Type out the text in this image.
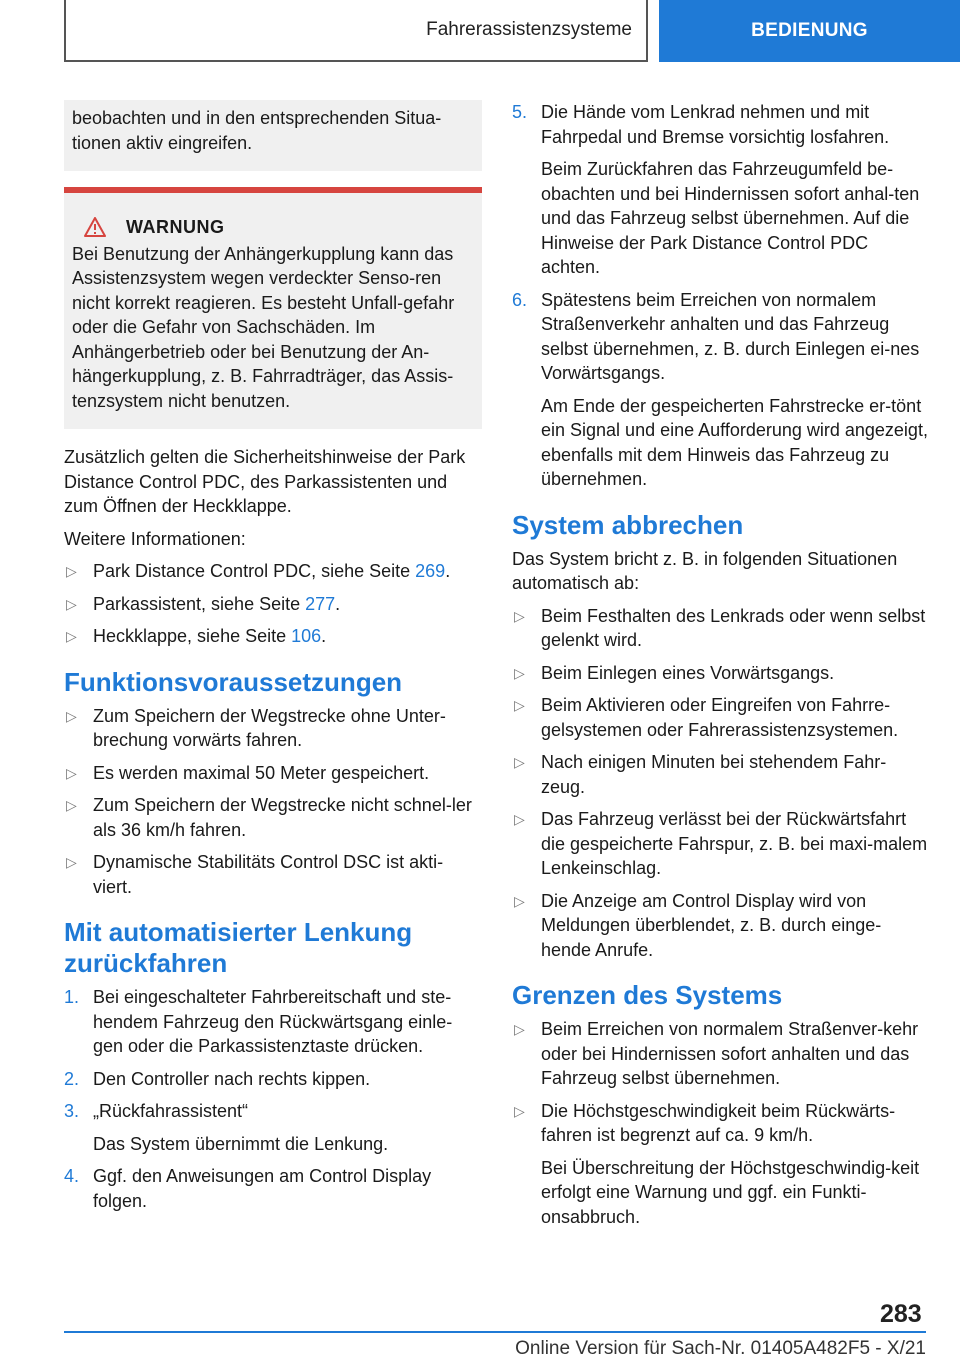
Fahrerassistenzsysteme	BEDIENUNG
beobachten und in den entsprechenden Situa-tionen aktiv eingreifen.
WARNUNG
Bei Benutzung der Anhängerkupplung kann das Assistenzsystem wegen verdeckter Senso-ren nicht korrekt reagieren. Es besteht Unfall-gefahr oder die Gefahr von Sachschäden. Im Anhängerbetrieb oder bei Benutzung der An-hängerkupplung, z. B. Fahrradträger, das Assis-tenzsystem nicht benutzen.

Zusätzlich gelten die Sicherheitshinweise der Park Distance Control PDC, des Parkassistenten und zum Öffnen der Heckklappe.

Weitere Informationen:

▷ Park Distance Control PDC, siehe Seite 269.
▷ Parkassistent, siehe Seite 277.
▷ Heckklappe, siehe Seite 106.
Funktionsvoraussetzungen
▷ Zum Speichern der Wegstrecke ohne Unter-brechung vorwärts fahren.
▷ Es werden maximal 50 Meter gespeichert.
▷ Zum Speichern der Wegstrecke nicht schnel-ler als 36 km/h fahren.
▷ Dynamische Stabilitäts Control DSC ist akti-viert.
Mit automatisierter Lenkung zurückfahren
1. Bei eingeschalteter Fahrbereitschaft und ste-hendem Fahrzeug den Rückwärtsgang einle-gen oder die Parkassistenztaste drücken.
2. Den Controller nach rechts kippen.
3. „Rückfahrassistent“
Das System übernimmt die Lenkung.
4. Ggf. den Anweisungen am Control Display folgen.
5. Die Hände vom Lenkrad nehmen und mit Fahrpedal und Bremse vorsichtig losfahren.
Beim Zurückfahren das Fahrzeugumfeld be-obachten und bei Hindernissen sofort anhal-ten und das Fahrzeug selbst übernehmen. Auf die Hinweise der Park Distance Control PDC achten.
6. Spätestens beim Erreichen von normalem Straßenverkehr anhalten und das Fahrzeug selbst übernehmen, z. B. durch Einlegen ei-nes Vorwärtsgangs.
Am Ende der gespeicherten Fahrstrecke er-tönt ein Signal und eine Aufforderung wird angezeigt, ebenfalls mit dem Hinweis das Fahrzeug zu übernehmen.
System abbrechen

Das System bricht z. B. in folgenden Situationen automatisch ab:

▷ Beim Festhalten des Lenkrads oder wenn selbst gelenkt wird.
▷ Beim Einlegen eines Vorwärtsgangs.
▷ Beim Aktivieren oder Eingreifen von Fahrre-gelsystemen oder Fahrerassistenzsystemen.
▷ Nach einigen Minuten bei stehendem Fahr-zeug.
▷ Das Fahrzeug verlässt bei der Rückwärtsfahrt die gespeicherte Fahrspur, z. B. bei maxi-malem Lenkeinschlag.
▷ Die Anzeige am Control Display wird von Meldungen überblendet, z. B. durch einge-hende Anrufe.
Grenzen des Systems
▷ Beim Erreichen von normalem Straßenver-kehr oder bei Hindernissen sofort anhalten und das Fahrzeug selbst übernehmen.
▷ Die Höchstgeschwindigkeit beim Rückwärts-fahren ist begrenzt auf ca. 9 km/h.
Bei Überschreitung der Höchstgeschwindig-keit erfolgt eine Warnung und ggf. ein Funkti-onsabbruch.
283
Online Version für Sach-Nr. 01405A482F5 - X/21
